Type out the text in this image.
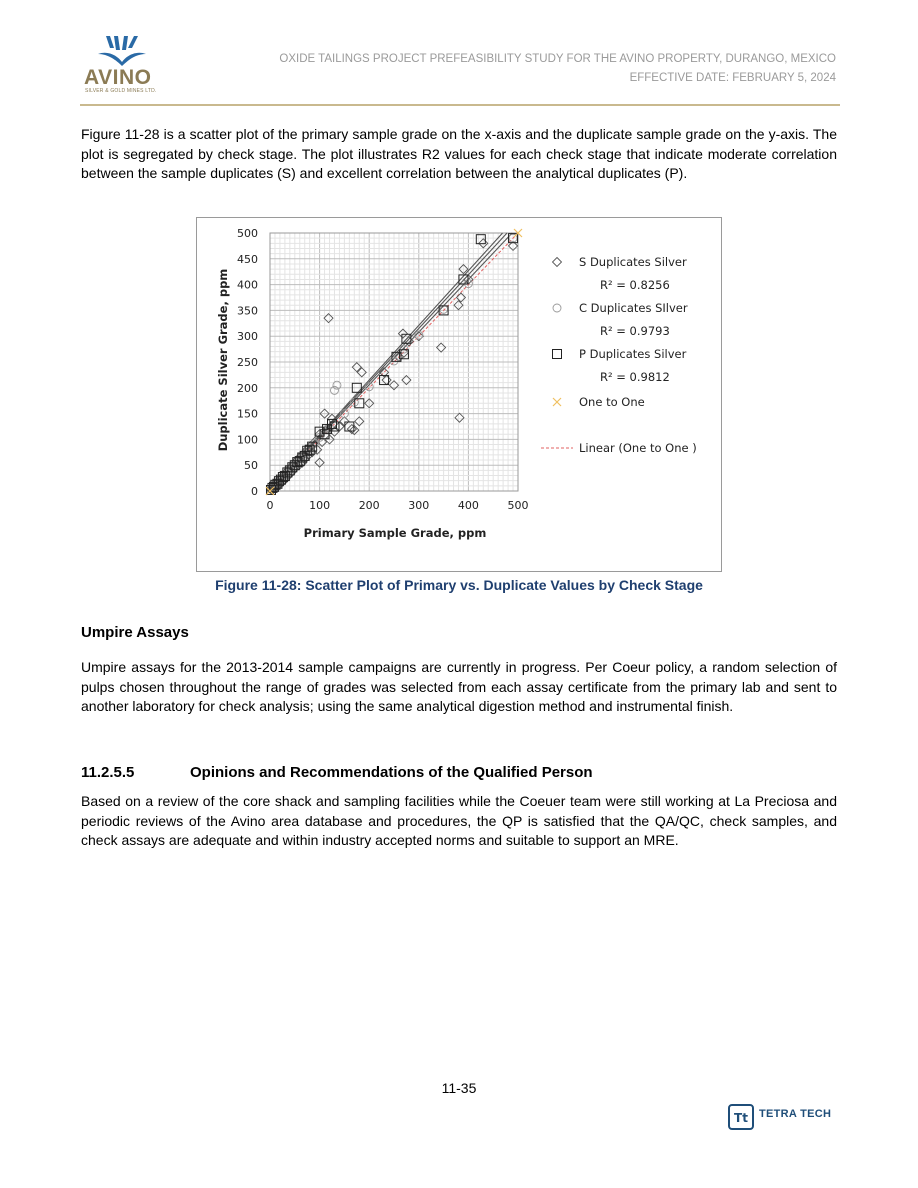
AVINO
SILVER & GOLD MINES LTD.
OXIDE TAILINGS PROJECT PREFEASIBILITY STUDY FOR THE AVINO PROPERTY, DURANGO, MEXICO
EFFECTIVE DATE: FEBRUARY 5, 2024
Figure 11-28 is a scatter plot of the primary sample grade on the x-axis and the duplicate sample grade on the y-axis. The plot is segregated by check stage. The plot illustrates R2 values for each check stage that indicate moderate correlation between the sample duplicates (S) and excellent correlation between the analytical duplicates (P).
0	100	200	300	400	500
0
50
100
150
200
250
300
350
400
450
500
S Duplicates Silver
R² = 0.8256
C Duplicates SIlver
R² = 0.9793
P Duplicates Silver
R² = 0.9812
One to One
Linear (One to One )
Primary Sample Grade, ppm
Duplicate Silver Grade, ppm
Figure 11-28: Scatter Plot of Primary vs. Duplicate Values by Check Stage
Umpire Assays
Umpire assays for the 2013-2014 sample campaigns are currently in progress. Per Coeur policy, a random selection of pulps chosen throughout the range of grades was selected from each assay certificate from the primary lab and sent to another laboratory for check analysis; using the same analytical digestion method and instrumental finish.
11.2.5.5	Opinions and Recommendations of the Qualified Person
Based on a review of the core shack and sampling facilities while the Coeuer team were still working at La Preciosa and periodic reviews of the Avino area database and procedures, the QP is satisfied that the QA/QC, check samples, and check assays are adequate and within industry accepted norms and suitable to support an MRE.
11-35
Tt TETRA TECH
